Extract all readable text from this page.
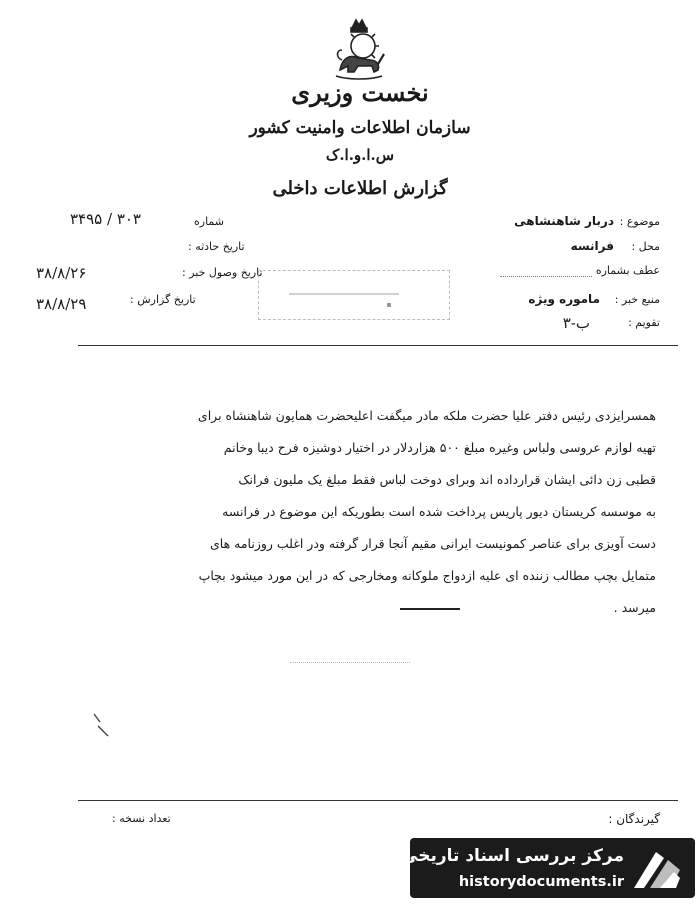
نخست وزیری
سازمان اطلاعات وامنیت کشور
س.ا.و.ا.ک
گزارش اطلاعات داخلی
موضوع :
دربار شاهنشاهی
محل :
فرانسه
عطف بشماره
منبع خبر :
ماموره ویژه
تقویم :
ب-۳
۳۴۹۵ / ۳۰۳	شماره
تاریخ حادثه :
۳۸/۸/۲۶	تاریخ وصول خبر :
۳۸/۸/۲۹	تاریخ گزارش :
همسرایزدی رئیس دفتر علیا حضرت ملکه مادر میگفت اعلیحضرت همایون شاهنشاه برای
تهیه لوازم عروسی ولباس وغیره مبلغ ۵۰۰ هزاردلار در اختیار دوشیزه فرح دیبا وخانم
قطبی زن دائی ایشان قرارداده اند وبرای دوخت لباس فقط مبلغ یک ملیون فرانک
به موسسه کریستان دیور پاریس پرداخت شده است بطوریکه این موضوع در فرانسه
دست آویزی برای عناصر کمونیست ایرانی مقیم آنجا قرار گرفته ودر اغلب روزنامه های
متمایل بچپ مطالب زننده ای علیه ازدواج ملوکانه ومخارجی که در این مورد میشود بچاپ
میرسد .
گیرندگان :
تعداد نسخه :
مرکز بررسی اسناد تاریخی
historydocuments.ir
